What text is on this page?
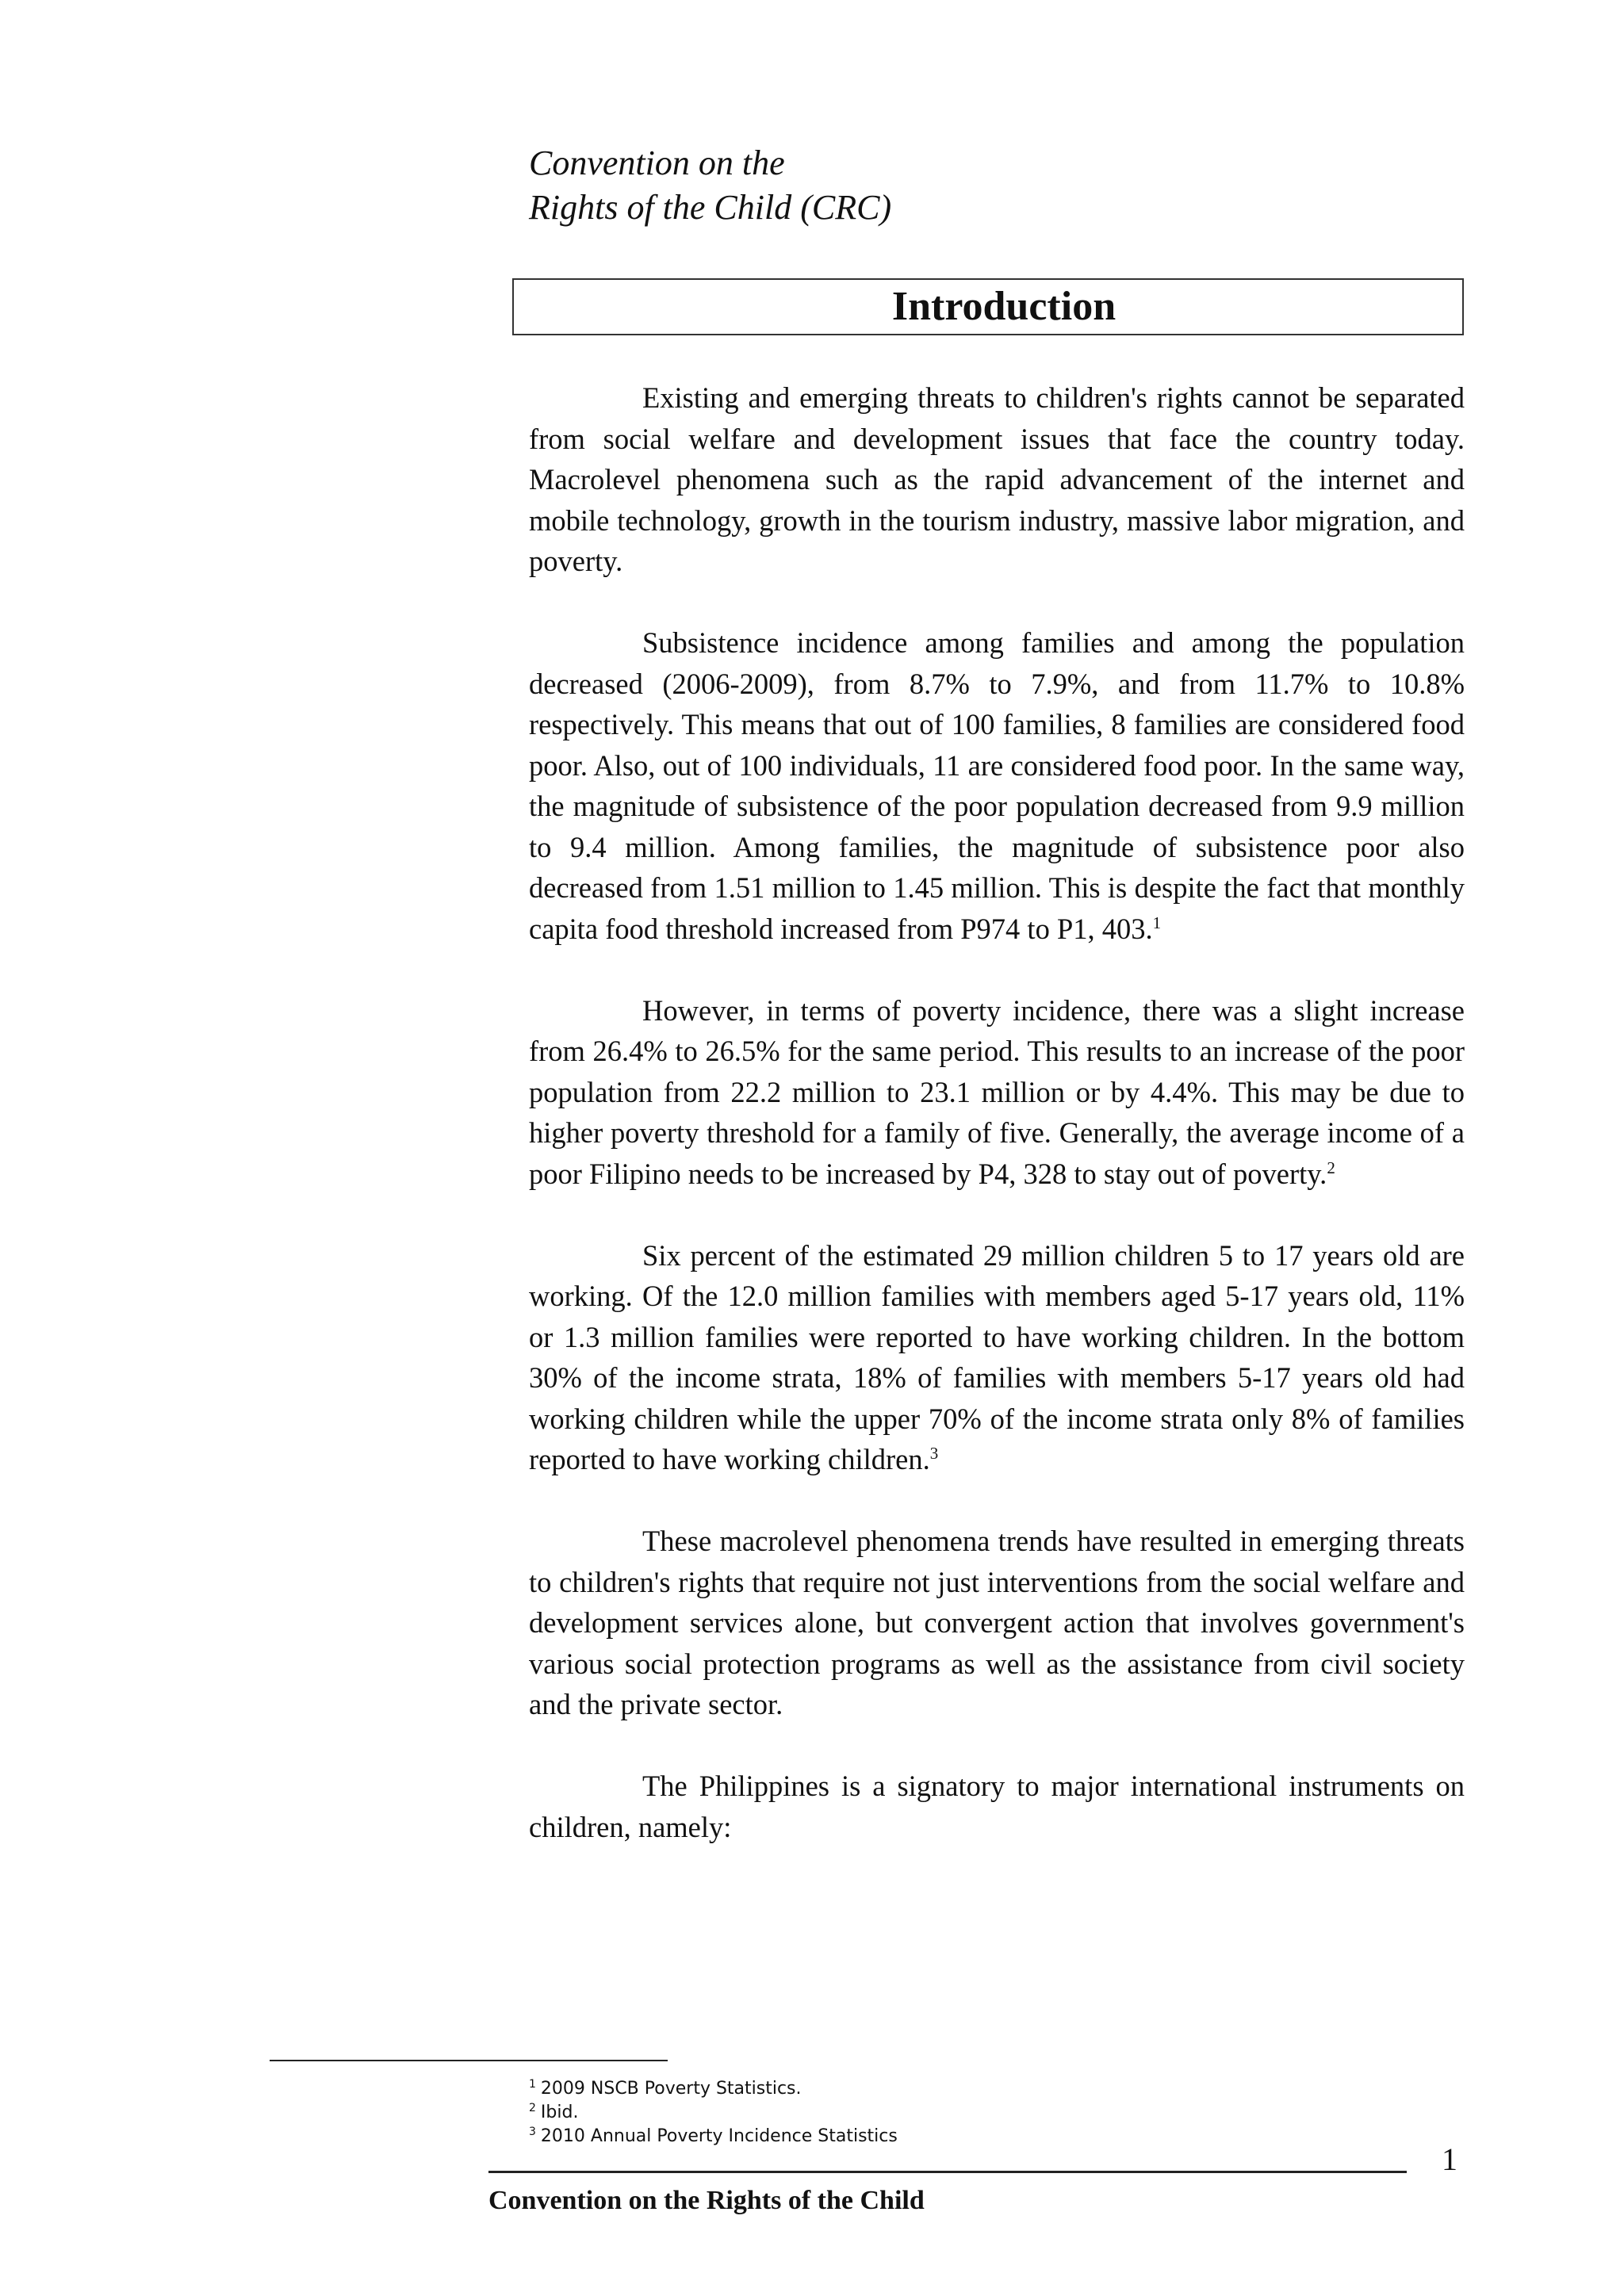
Convention on the
Rights of the Child (CRC)
Introduction

Existing and emerging threats to children's rights cannot be separated from social welfare and development issues that face the country today. Macrolevel phenomena such as the rapid advancement of the internet and mobile technology, growth in the tourism industry, massive labor migration, and poverty.

Subsistence incidence among families and among the population decreased (2006-2009), from 8.7% to 7.9%, and from 11.7% to 10.8% respectively. This means that out of 100 families, 8 families are considered food poor. Also, out of 100 individuals, 11 are considered food poor. In the same way, the magnitude of subsistence of the poor population decreased from 9.9 million to 9.4 million. Among families, the magnitude of subsistence poor also decreased from 1.51 million to 1.45 million. This is despite the fact that monthly capita food threshold increased from P974 to P1, 403.$^1$

However, in terms of poverty incidence, there was a slight increase from 26.4% to 26.5% for the same period. This results to an increase of the poor population from 22.2 million to 23.1 million or by 4.4%. This may be due to higher poverty threshold for a family of five. Generally, the average income of a poor Filipino needs to be increased by P4, 328 to stay out of poverty.$^2$

Six percent of the estimated 29 million children 5 to 17 years old are working. Of the 12.0 million families with members aged 5-17 years old, 11% or 1.3 million families were reported to have working children. In the bottom 30% of the income strata, 18% of families with members 5-17 years old had working children while the upper 70% of the income strata only 8% of families reported to have working children.$^3$

These macrolevel phenomena trends have resulted in emerging threats to children's rights that require not just interventions from the social welfare and development services alone, but convergent action that involves government's various social protection programs as well as the assistance from civil society and the private sector.

The Philippines is a signatory to major international instruments on children, namely:

$^1$ 2009 NSCB Poverty Statistics.
$^2$ Ibid.
$^3$ 2010 Annual Poverty Incidence Statistics
1
Convention on the Rights of the Child
